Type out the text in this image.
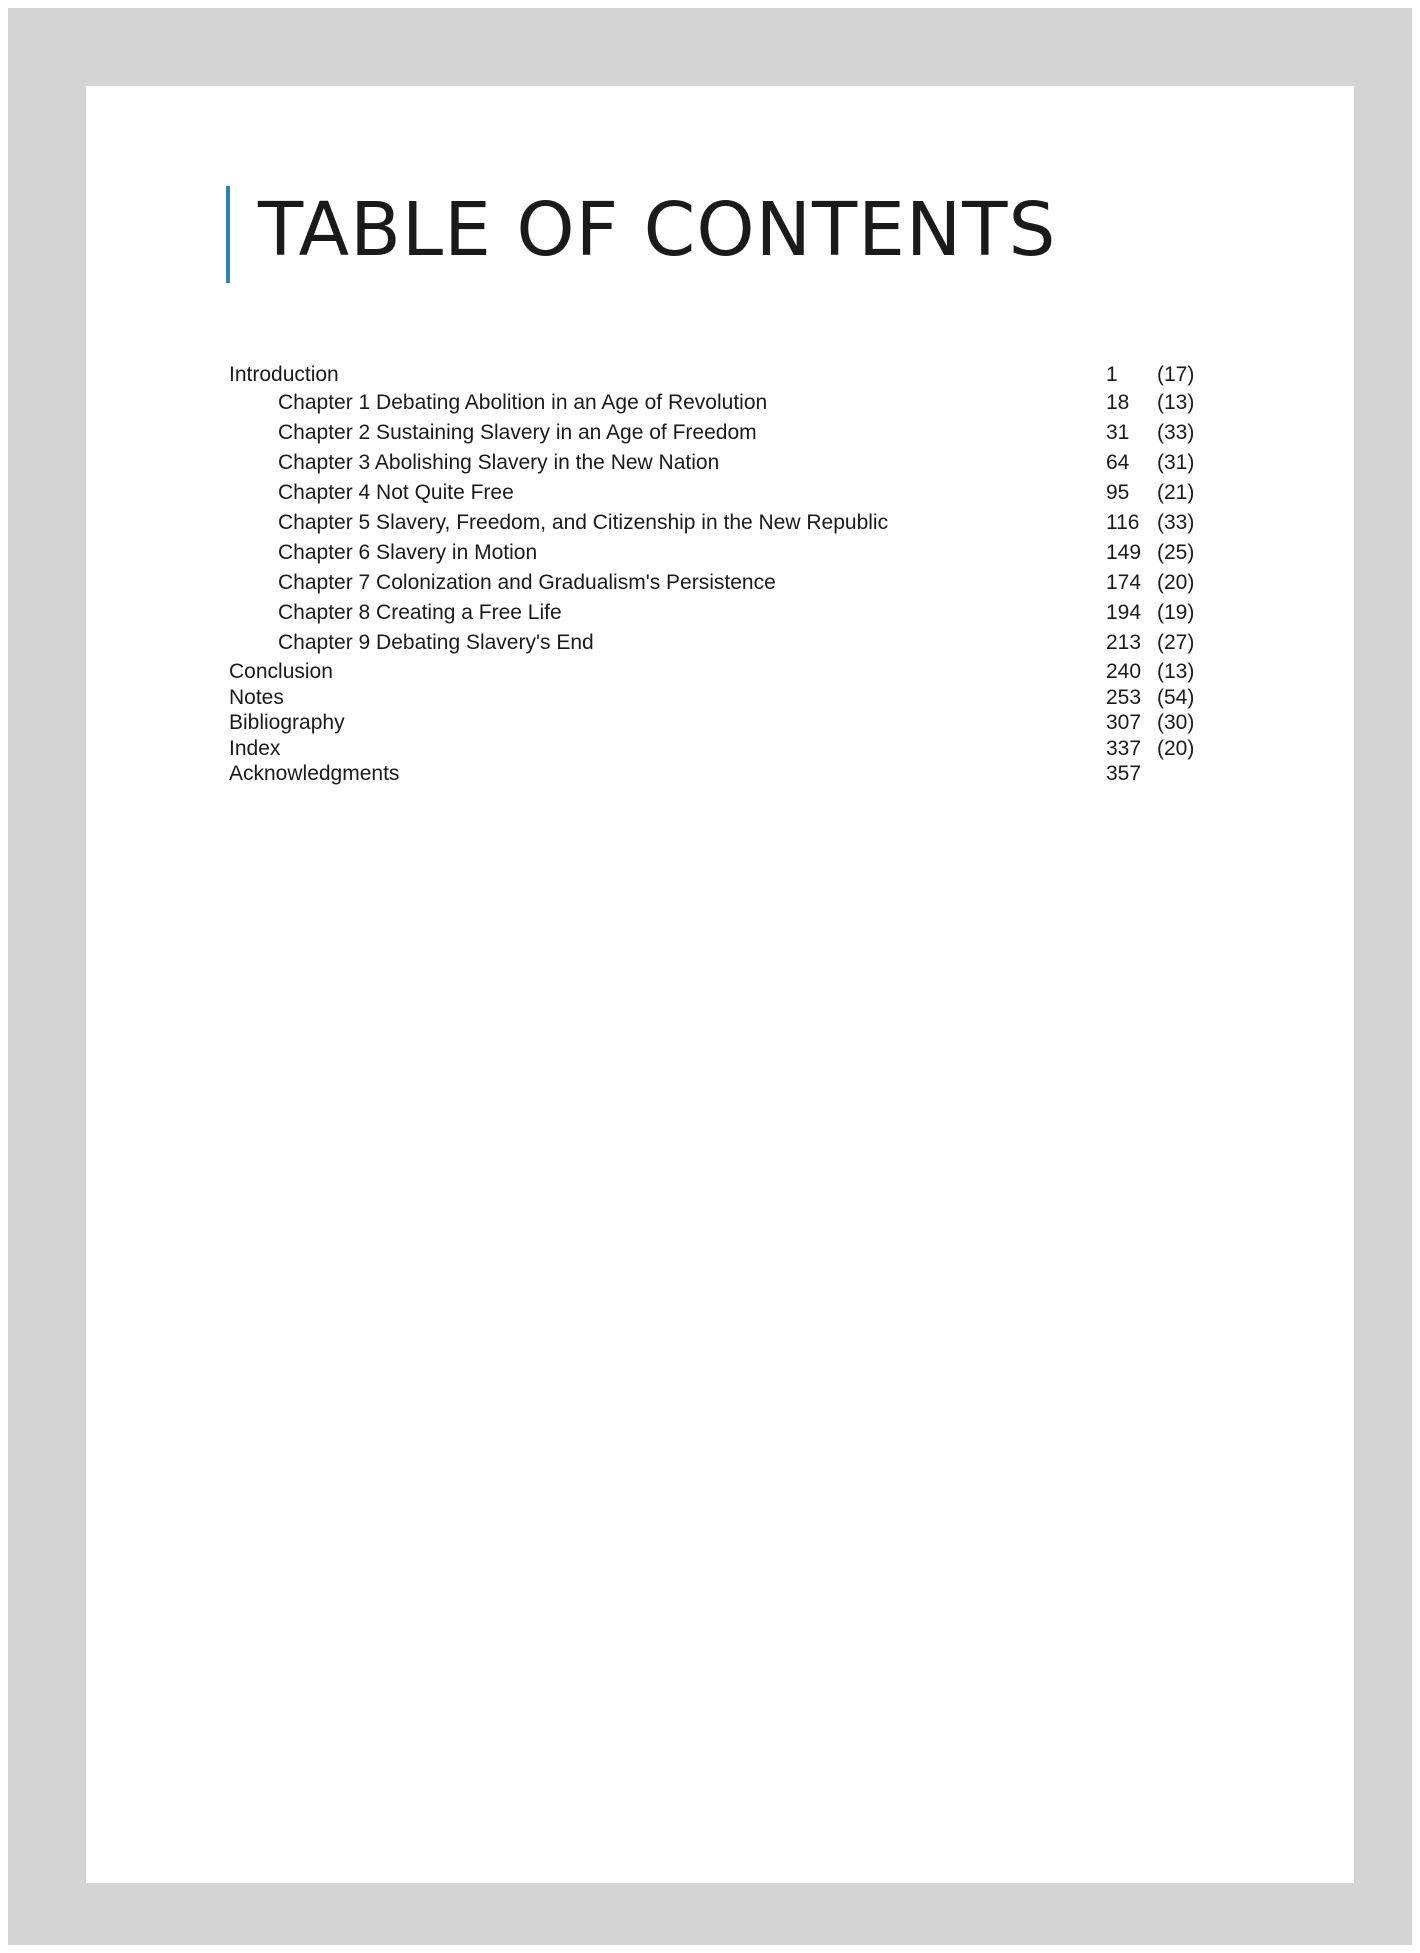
TABLE OF CONTENTS
Introduction	1 (17)
Chapter 1 Debating Abolition in an Age of Revolution	18 (13)
Chapter 2 Sustaining Slavery in an Age of Freedom	31 (33)
Chapter 3 Abolishing Slavery in the New Nation	64 (31)
Chapter 4 Not Quite Free	95 (21)
Chapter 5 Slavery, Freedom, and Citizenship in the New Republic	116 (33)
Chapter 6 Slavery in Motion	149 (25)
Chapter 7 Colonization and Gradualism's Persistence	174 (20)
Chapter 8 Creating a Free Life	194 (19)
Chapter 9 Debating Slavery's End	213 (27)
Conclusion	240 (13)
Notes	253 (54)
Bibliography	307 (30)
Index	337 (20)
Acknowledgments	357
